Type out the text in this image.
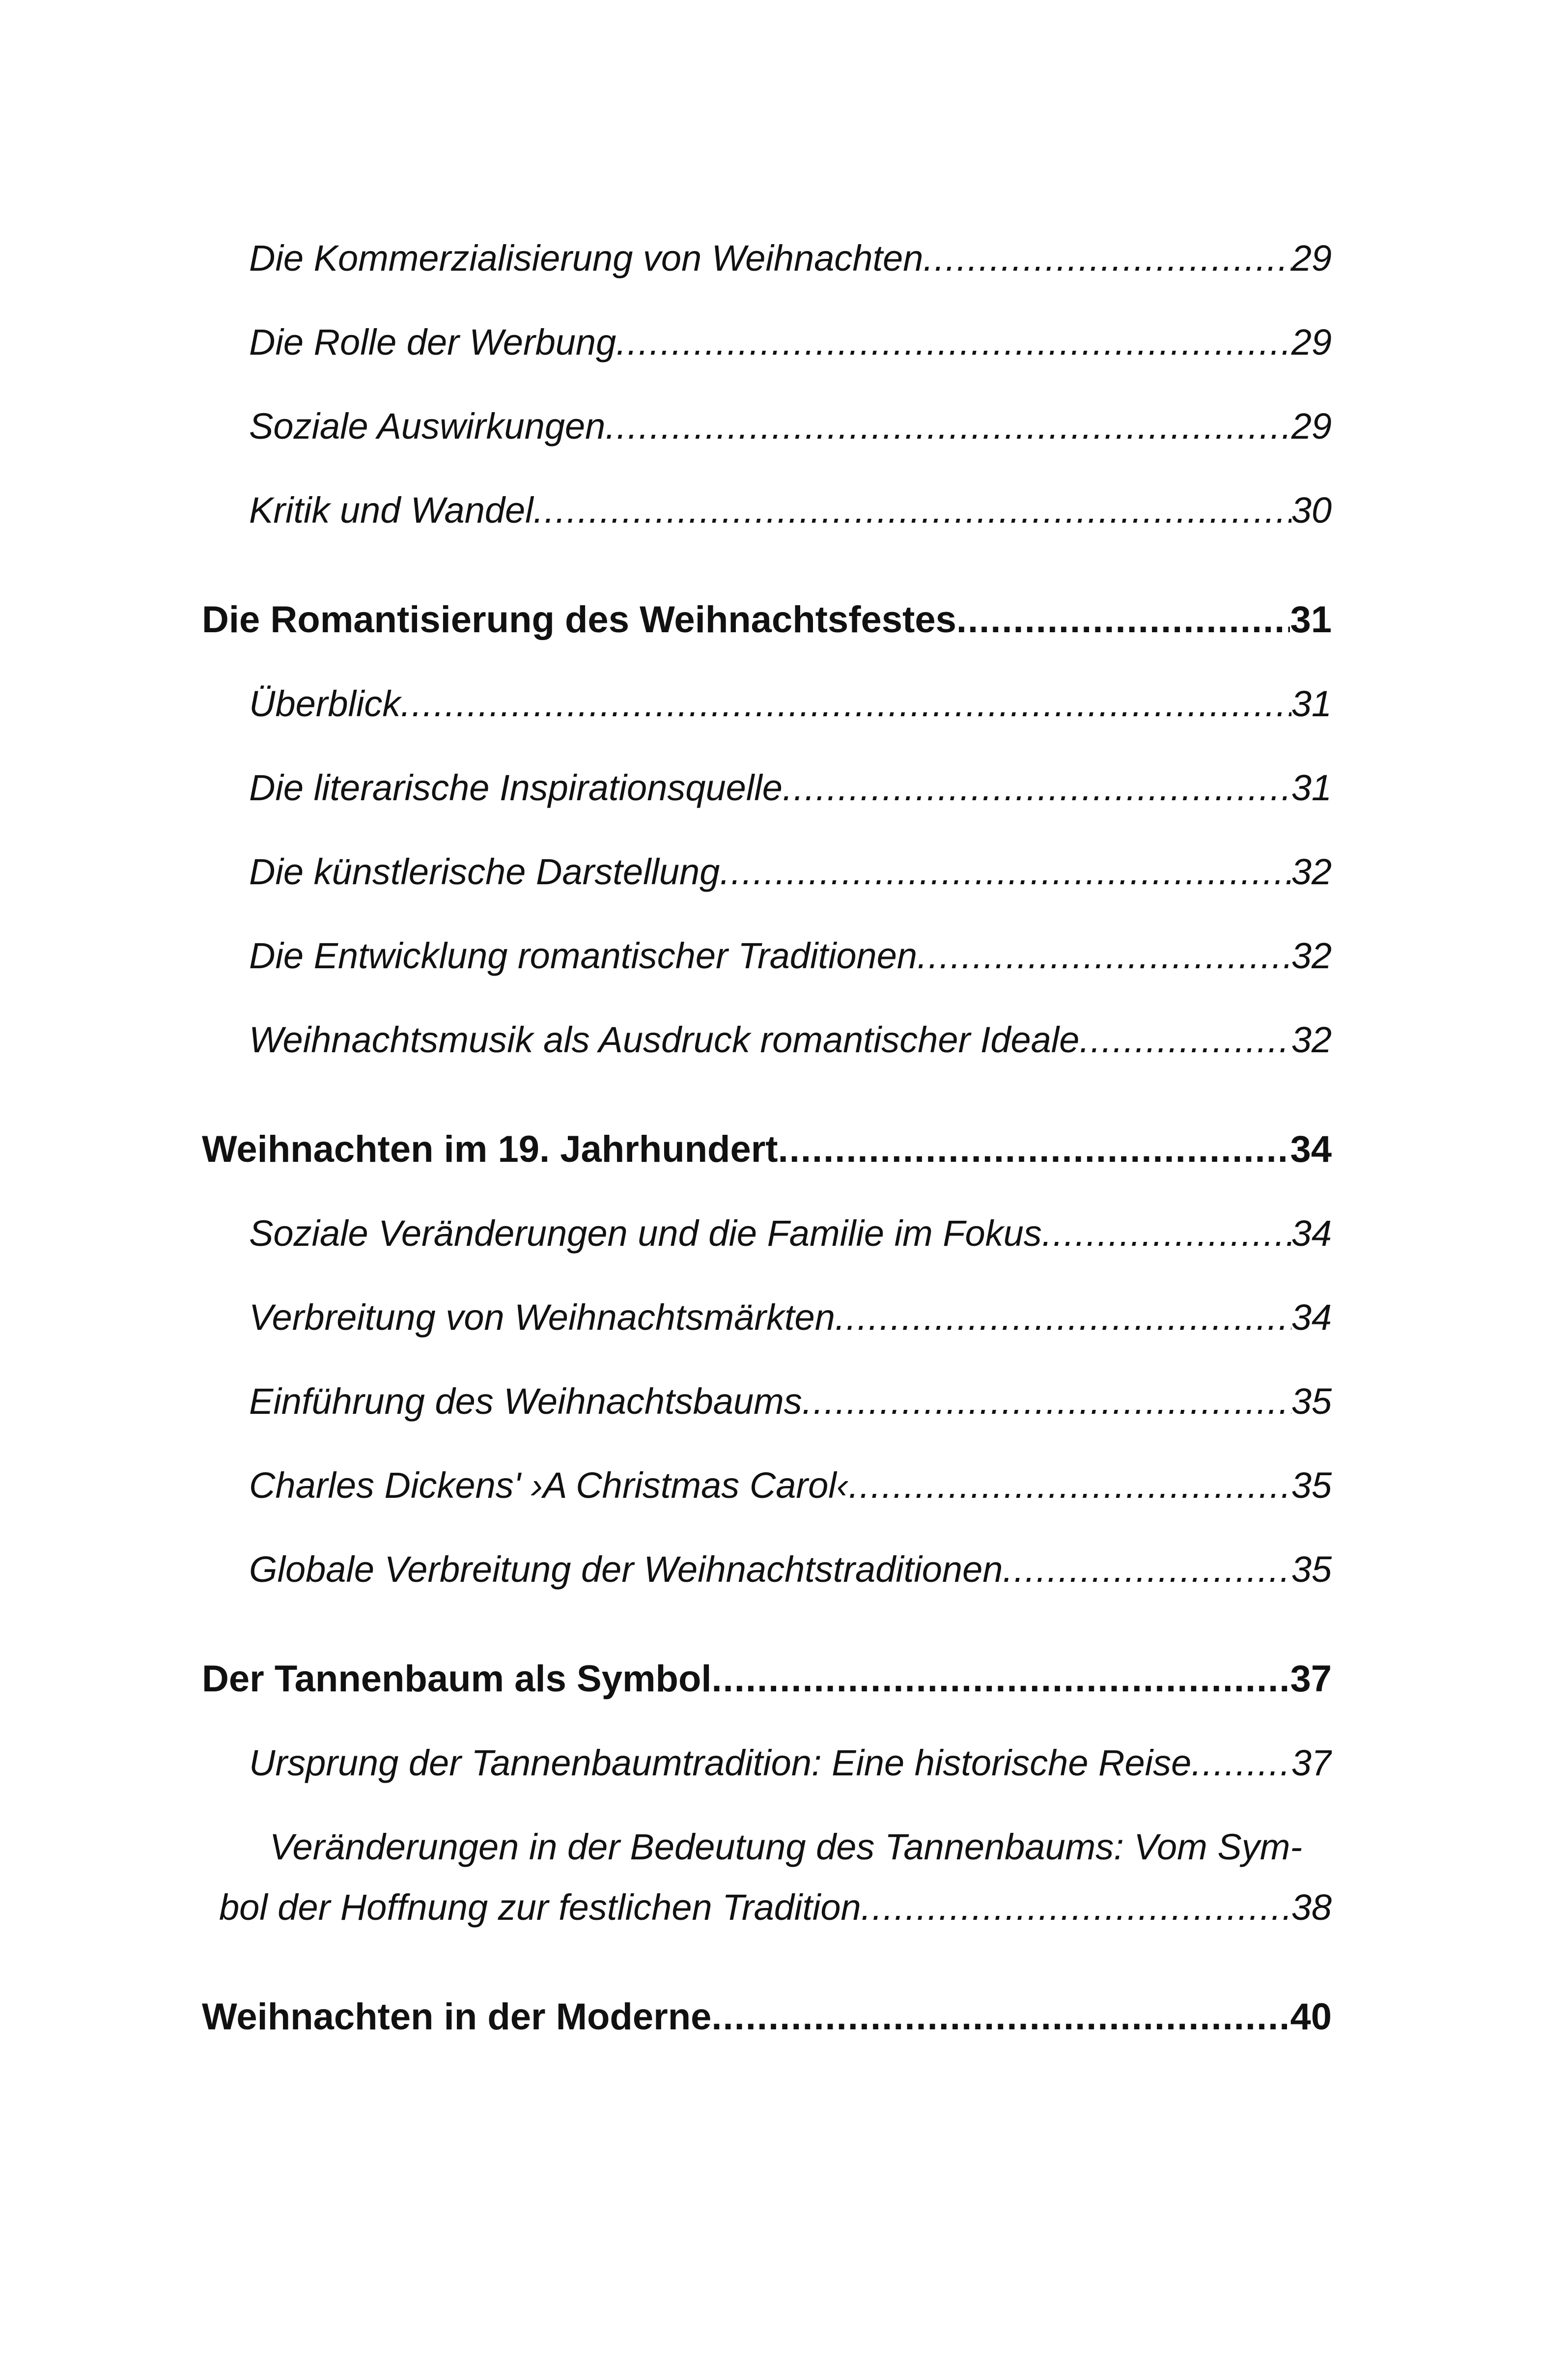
Die Kommerzialisierung von Weihnachten .....	29
Die Rolle der Werbung .....	29
Soziale Auswirkungen .....	29
Kritik und Wandel .....	30
Die Romantisierung des Weihnachtsfestes .....	31
Überblick .....	31
Die literarische Inspirationsquelle .....	31
Die künstlerische Darstellung .....	32
Die Entwicklung romantischer Traditionen .....	32
Weihnachtsmusik als Ausdruck romantischer Ideale .....	32
Weihnachten im 19. Jahrhundert .....	34
Soziale Veränderungen und die Familie im Fokus .....	34
Verbreitung von Weihnachtsmärkten .....	34
Einführung des Weihnachtsbaums .....	35
Charles Dickens' ›A Christmas Carol‹ .....	35
Globale Verbreitung der Weihnachtstraditionen .....	35
Der Tannenbaum als Symbol .....	37
Ursprung der Tannenbaumtradition: Eine historische Reise .....	37
Veränderungen in der Bedeutung des Tannenbaums: Vom Sym-
bol der Hoffnung zur festlichen Tradition .....	38
Weihnachten in der Moderne .....	40
